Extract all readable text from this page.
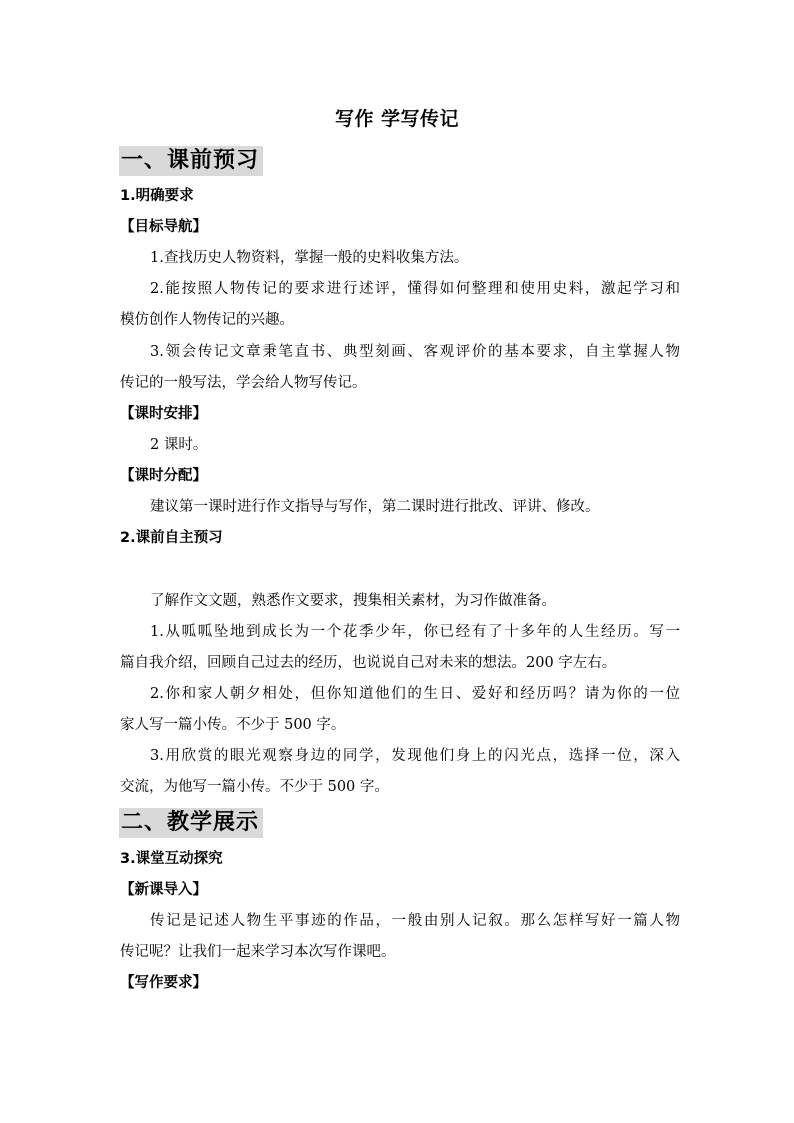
写作 学写传记
一、课前预习
1.明确要求
【目标导航】
1.查找历史人物资料，掌握一般的史料收集方法。
2.能按照人物传记的要求进行述评，懂得如何整理和使用史料，激起学习和
模仿创作人物传记的兴趣。
3.领会传记文章秉笔直书、典型刻画、客观评价的基本要求，自主掌握人物
传记的一般写法，学会给人物写传记。
【课时安排】
2 课时。
【课时分配】
建议第一课时进行作文指导与写作，第二课时进行批改、评讲、修改。
2.课前自主预习
了解作文文题，熟悉作文要求，搜集相关素材，为习作做准备。
1.从呱呱坠地到成长为一个花季少年，你已经有了十多年的人生经历。写一
篇自我介绍，回顾自己过去的经历，也说说自己对未来的想法。200 字左右。
2.你和家人朝夕相处，但你知道他们的生日、爱好和经历吗？请为你的一位
家人写一篇小传。不少于 500 字。
3.用欣赏的眼光观察身边的同学，发现他们身上的闪光点，选择一位，深入
交流，为他写一篇小传。不少于 500 字。
二、教学展示
3.课堂互动探究
【新课导入】
传记是记述人物生平事迹的作品，一般由别人记叙。那么怎样写好一篇人物
传记呢？让我们一起来学习本次写作课吧。
【写作要求】
